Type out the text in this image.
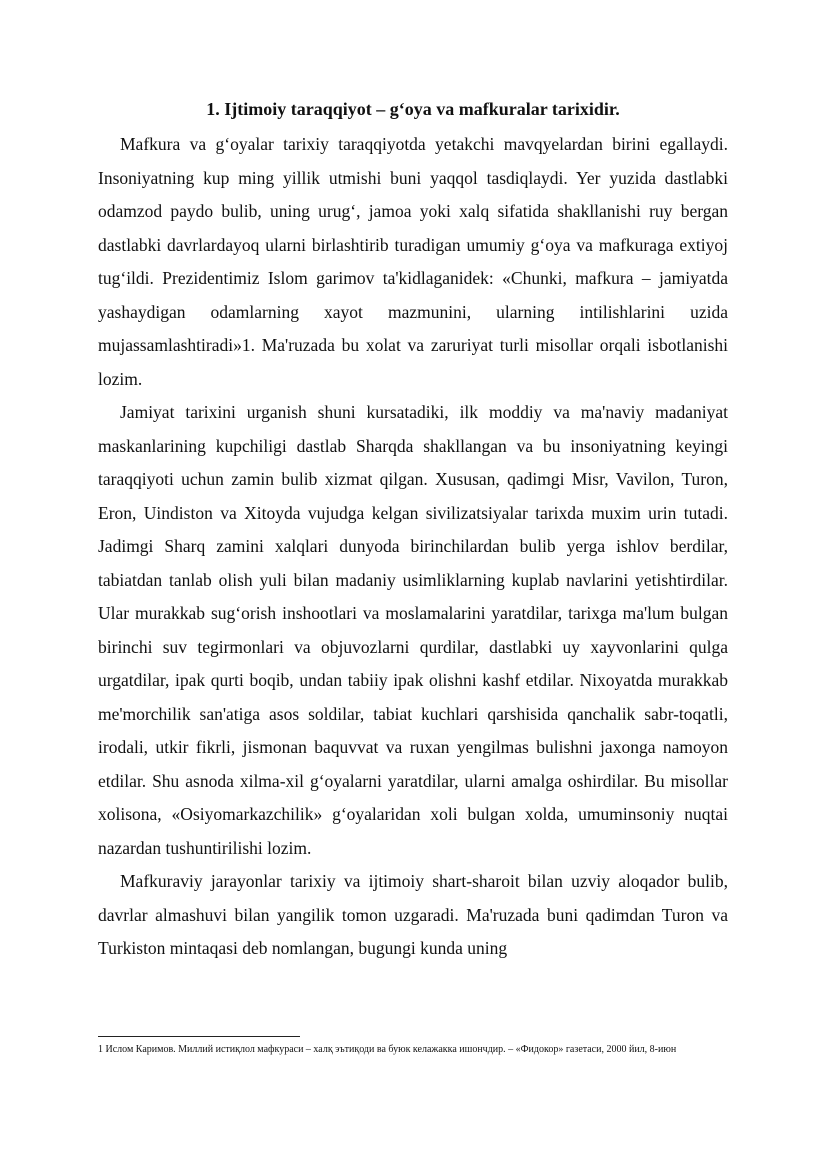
1. Ijtimoiy taraqqiyot – g‘oya va mafkuralar tarixidir.

Mafkura va g‘oyalar tarixiy taraqqiyotda yetakchi mavqyelardan birini egallaydi. Insoniyatning kup ming yillik utmishi buni yaqqol tasdiqlaydi. Yer yuzida dastlabki odamzod paydo bulib, uning urug‘, jamoa yoki xalq sifatida shakllanishi ruy bergan dastlabki davrlardayoq ularni birlashtirib turadigan umumiy g‘oya va mafkuraga extiyoj tug‘ildi. Prezidentimiz Islom garimov ta'kidlaganidek: «Chunki, mafkura – jamiyatda yashaydigan odamlarning xayot mazmunini, ularning intilishlarini uzida mujassamlashtiradi»1. Ma'ruzada bu xolat va zaruriyat turli misollar orqali isbotlanishi lozim.

Jamiyat tarixini urganish shuni kursatadiki, ilk moddiy va ma'naviy madaniyat maskanlarining kupchiligi dastlab Sharqda shakllangan va bu insoniyatning keyingi taraqqiyoti uchun zamin bulib xizmat qilgan. Xususan, qadimgi Misr, Vavilon, Turon, Eron, Uindiston va Xitoyda vujudga kelgan sivilizatsiyalar tarixda muxim urin tutadi. Jadimgi Sharq zamini xalqlari dunyoda birinchilardan bulib yerga ishlov berdilar, tabiatdan tanlab olish yuli bilan madaniy usimliklarning kuplab navlarini yetishtirdilar. Ular murakkab sug‘orish inshootlari va moslamalarini yaratdilar, tarixga ma'lum bulgan birinchi suv tegirmonlari va objuvozlarni qurdilar, dastlabki uy xayvonlarini qulga urgatdilar, ipak qurti boqib, undan tabiiy ipak olishni kashf etdilar. Nixoyatda murakkab me'morchilik san'atiga asos soldilar, tabiat kuchlari qarshisida qanchalik sabr-toqatli, irodali, utkir fikrli, jismonan baquvvat va ruxan yengilmas bulishni jaxonga namoyon etdilar. Shu asnoda xilma-xil g‘oyalarni yaratdilar, ularni amalga oshirdilar. Bu misollar xolisona, «Osiyomarkazchilik» g‘oyalaridan xoli bulgan xolda, umuminsoniy nuqtai nazardan tushuntirilishi lozim.

Mafkuraviy jarayonlar tarixiy va ijtimoiy shart-sharoit bilan uzviy aloqador bulib, davrlar almashuvi bilan yangilik tomon uzgaradi. Ma'ruzada buni qadimdan Turon va Turkiston mintaqasi deb nomlangan, bugungi kunda uning

1 Ислом Каримов. Миллий истиқлол мафкураси – халқ эътиқоди ва буюк келажакка ишончдир. – «Фидокор» газетаси, 2000 йил, 8-июн
